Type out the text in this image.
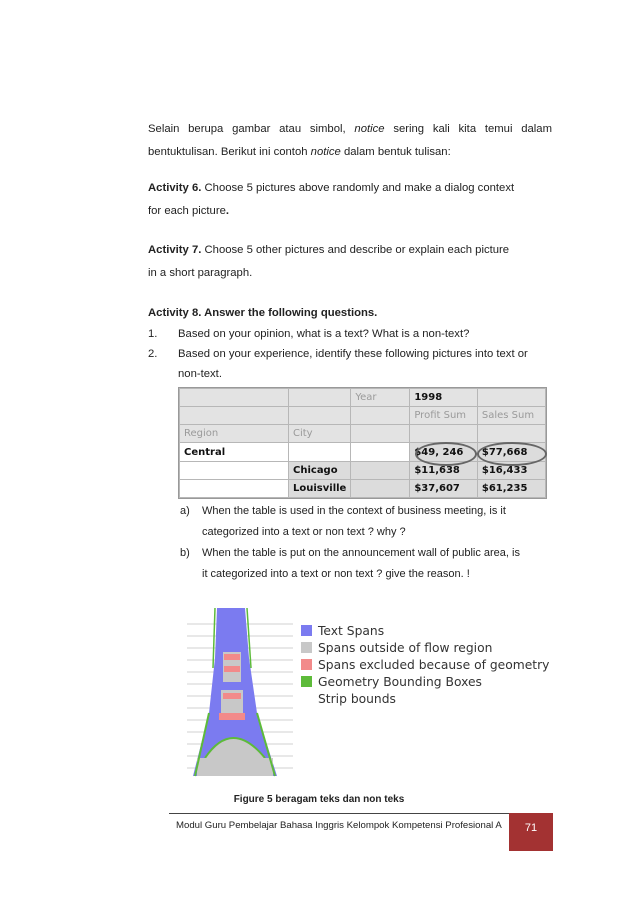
Selain berupa gambar atau simbol, notice sering kali kita temui dalam
bentuktulisan. Berikut ini contoh notice dalam bentuk tulisan:
Activity 6. Choose 5 pictures above randomly and make a dialog context
for each picture.
Activity 7. Choose 5 other pictures and describe or explain each picture
in a short paragraph.
Activity 8. Answer the following questions.
1. Based on your opinion, what is a text? What is a non-text?
2. Based on your experience, identify these following pictures into text or
non-text.
		Year	1998	
			Profit Sum	Sales Sum
Region	City			
Central			$49, 246	$77,668
	Chicago		$11,638	$16,433
	Louisville		$37,607	$61,235
a) When the table is used in the context of business meeting, is it
categorized into a text or non text ? why ?
b) When the table is put on the announcement wall of public area, is
it categorized into a text or non text ? give the reason. !
Text Spans
Spans outside of flow region
Spans excluded because of geometry
Geometry Bounding Boxes
Strip bounds
Figure 5 beragam teks dan non teks
Modul Guru Pembelajar Bahasa Inggris Kelompok Kompetensi Profesional A	71
